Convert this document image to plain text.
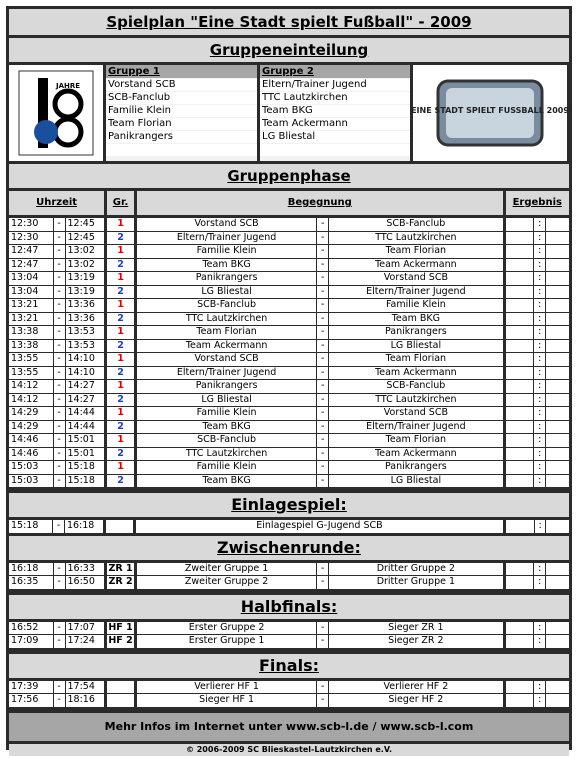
Spielplan "Eine Stadt spielt Fußball" - 2009
Gruppeneinteilung
JAHRE
Gruppe 1
Vorstand SCB
SCB-Fanclub
Familie Klein
Team Florian
Panikrangers
Gruppe 2
Eltern/Trainer Jugend
TTC Lautzkirchen
Team BKG
Team Ackermann
LG Bliestal
EINE STADT SPIELT FUSSBALL 2009
Gruppenphase
Uhrzeit	Gr.	Begegnung	Ergebnis
12:30	- 12:45	1	Vorstand SCB	-	SCB-Fanclub	:
12:30	- 12:45	2	Eltern/Trainer Jugend	-	TTC Lautzkirchen	:
12:47	- 13:02	1	Familie Klein	-	Team Florian	:
12:47	- 13:02	2	Team BKG	-	Team Ackermann	:
13:04	- 13:19	1	Panikrangers	-	Vorstand SCB	:
13:04	- 13:19	2	LG Bliestal	-	Eltern/Trainer Jugend	:
13:21	- 13:36	1	SCB-Fanclub	-	Familie Klein	:
13:21	- 13:36	2	TTC Lautzkirchen	-	Team BKG	:
13:38	- 13:53	1	Team Florian	-	Panikrangers	:
13:38	- 13:53	2	Team Ackermann	-	LG Bliestal	:
13:55	- 14:10	1	Vorstand SCB	-	Team Florian	:
13:55	- 14:10	2	Eltern/Trainer Jugend	-	Team Ackermann	:
14:12	- 14:27	1	Panikrangers	-	SCB-Fanclub	:
14:12	- 14:27	2	LG Bliestal	-	TTC Lautzkirchen	:
14:29	- 14:44	1	Familie Klein	-	Vorstand SCB	:
14:29	- 14:44	2	Team BKG	-	Eltern/Trainer Jugend	:
14:46	- 15:01	1	SCB-Fanclub	-	Team Florian	:
14:46	- 15:01	2	TTC Lautzkirchen	-	Team Ackermann	:
15:03	- 15:18	1	Familie Klein	-	Panikrangers	:
15:03	- 15:18	2	Team BKG	-	LG Bliestal	:
Einlagespiel:
15:18	- 16:18	Einlagespiel G-Jugend SCB	:
Zwischenrunde:
16:18	- 16:33	ZR 1	Zweiter Gruppe 1	-	Dritter Gruppe 2	:
16:35	- 16:50	ZR 2	Zweiter Gruppe 2	-	Dritter Gruppe 1	:
Halbfinals:
16:52	- 17:07	HF 1	Erster Gruppe 2	-	Sieger ZR 1	:
17:09	- 17:24	HF 2	Erster Gruppe 1	-	Sieger ZR 2	:
Finals:
17:39	- 17:54	Verlierer HF 1	-	Verlierer HF 2	:
17:56	- 18:16	Sieger HF 1	-	Sieger HF 2	:
Mehr Infos im Internet unter www.scb-l.de / www.scb-l.com
© 2006-2009 SC Blieskastel-Lautzkirchen e.V.
